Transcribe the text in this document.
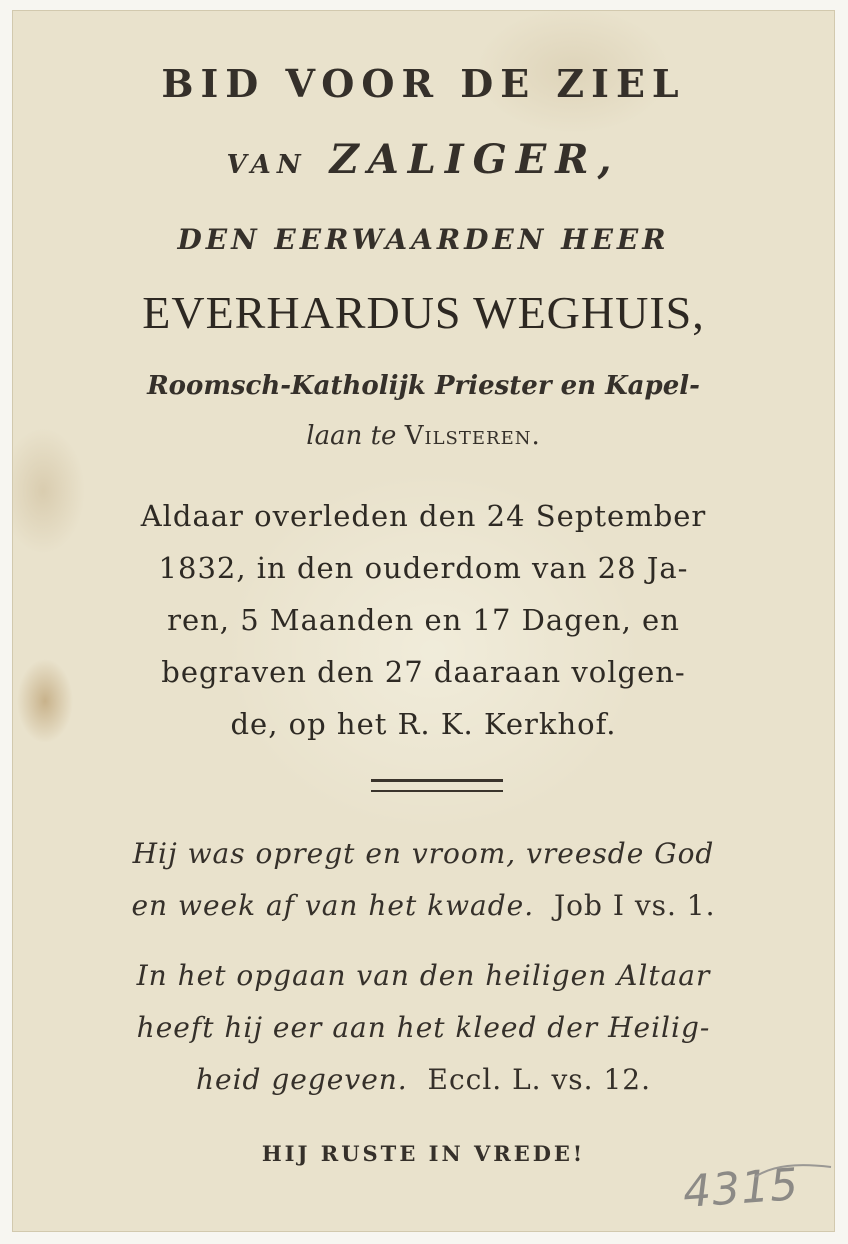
BID VOOR DE ZIEL
VAN ZALIGER,
DEN EERWAARDEN HEER
EVERHARDUS WEGHUIS,
Roomsch-Katholijk Priester en Kapel-
laan te Vilsteren.
Aldaar overleden den 24 September
1832, in den ouderdom van 28 Ja-
ren, 5 Maanden en 17 Dagen, en
begraven den 27 daaraan volgen-
de, op het R. K. Kerkhof.
Hij was opregt en vroom, vreesde God
en week af van het kwade. Job I vs. 1.
In het opgaan van den heiligen Altaar
heeft hij eer aan het kleed der Heilig-
heid gegeven. Eccl. L. vs. 12.
HIJ RUSTE IN VREDE!
4315
